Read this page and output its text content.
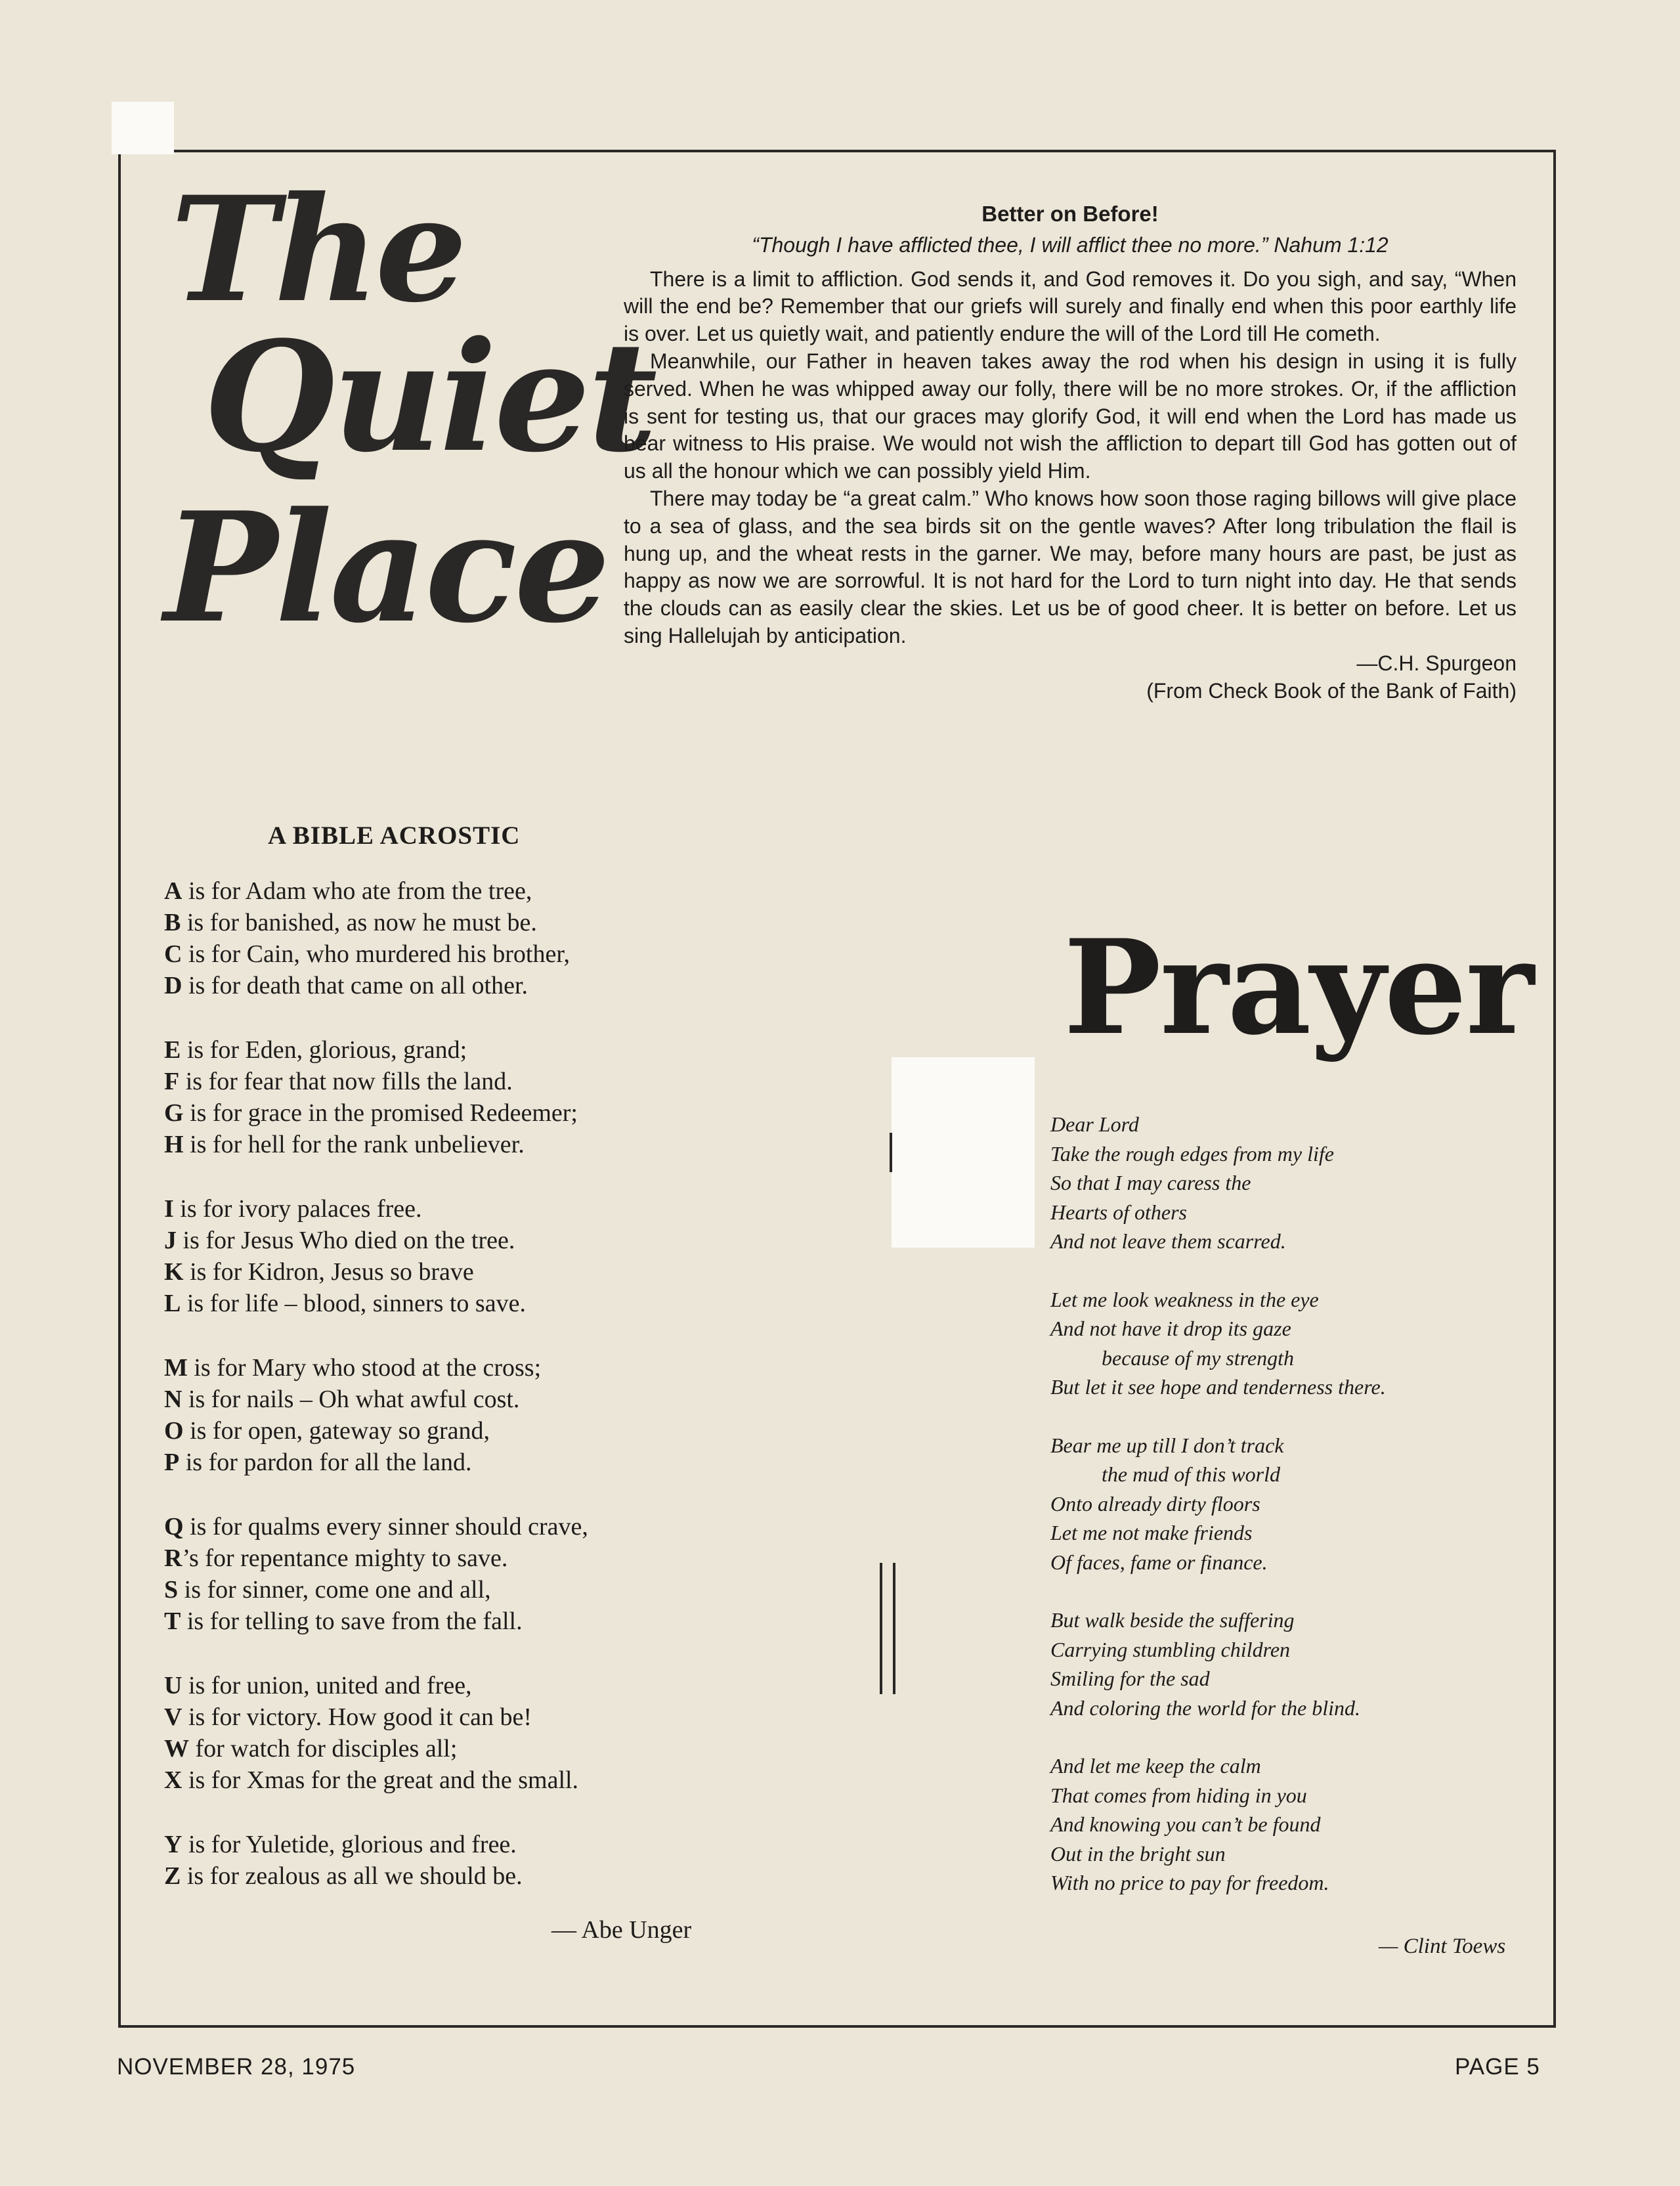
The
Quiet
Place

Better on Before!

“Though I have afflicted thee, I will afflict thee no more.” Nahum 1:12

There is a limit to affliction. God sends it, and God removes it. Do you sigh, and say, “When will the end be? Remember that our griefs will surely and finally end when this poor earthly life is over. Let us quietly wait, and patiently endure the will of the Lord till He cometh.

Meanwhile, our Father in heaven takes away the rod when his design in using it is fully served. When he was whipped away our folly, there will be no more strokes. Or, if the affliction is sent for testing us, that our graces may glorify God, it will end when the Lord has made us bear witness to His praise. We would not wish the affliction to depart till God has gotten out of us all the honour which we can possibly yield Him.

There may today be “a great calm.” Who knows how soon those raging billows will give place to a sea of glass, and the sea birds sit on the gentle waves? After long tribulation the flail is hung up, and the wheat rests in the garner. We may, before many hours are past, be just as happy as now we are sorrowful. It is not hard for the Lord to turn night into day. He that sends the clouds can as easily clear the skies. Let us be of good cheer. It is better on before. Let us sing Hallelujah by anticipation.

—C.H. Spurgeon

(From Check Book of the Bank of Faith)

A BIBLE ACROSTIC
A is for Adam who ate from the tree,
B is for banished, as now he must be.
C is for Cain, who murdered his brother,
D is for death that came on all other.
E is for Eden, glorious, grand;
F is for fear that now fills the land.
G is for grace in the promised Redeemer;
H is for hell for the rank unbeliever.
I is for ivory palaces free.
J is for Jesus Who died on the tree.
K is for Kidron, Jesus so brave
L is for life – blood, sinners to save.
M is for Mary who stood at the cross;
N is for nails – Oh what awful cost.
O is for open, gateway so grand,
P is for pardon for all the land.
Q is for qualms every sinner should crave,
R’s for repentance mighty to save.
S is for sinner, come one and all,
T is for telling to save from the fall.
U is for union, united and free,
V is for victory. How good it can be!
W for watch for disciples all;
X is for Xmas for the great and the small.
Y is for Yuletide, glorious and free.
Z is for zealous as all we should be.
— Abe Unger
Prayer
Dear Lord
Take the rough edges from my life
So that I may caress the
Hearts of others
And not leave them scarred.
Let me look weakness in the eye
And not have it drop its gaze
because of my strength
But let it see hope and tenderness there.
Bear me up till I don’t track
the mud of this world
Onto already dirty floors
Let me not make friends
Of faces, fame or finance.
But walk beside the suffering
Carrying stumbling children
Smiling for the sad
And coloring the world for the blind.
And let me keep the calm
That comes from hiding in you
And knowing you can’t be found
Out in the bright sun
With no price to pay for freedom.
— Clint Toews
NOVEMBER 28, 1975	PAGE 5
